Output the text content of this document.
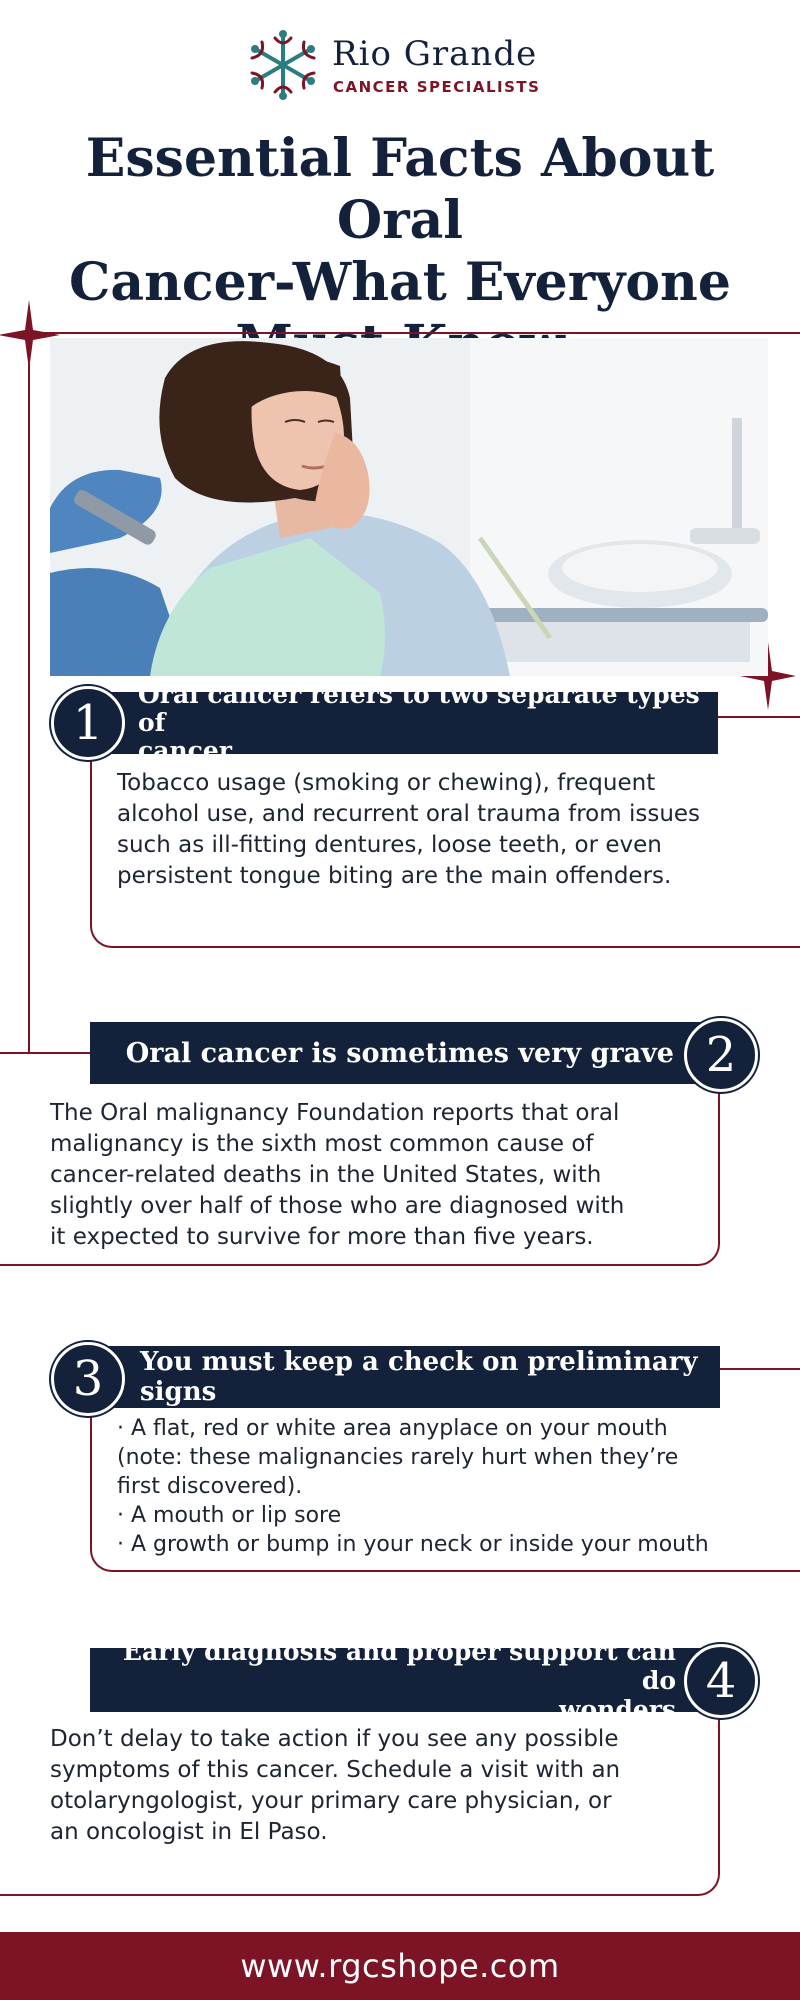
Rio Grande
CANCER SPECIALISTS
Essential Facts About Oral
Cancer-What Everyone
Oral cancer refers to two separate types of
cancer
1

Tobacco usage (smoking or chewing), frequent
alcohol use, and recurrent oral trauma from issues
such as ill-fitting dentures, loose teeth, or even
persistent tongue biting are the main offenders.

Oral cancer is sometimes very grave 2

The Oral malignancy Foundation reports that oral
malignancy is the sixth most common cause of
cancer-related deaths in the United States, with
slightly over half of those who are diagnosed with
it expected to survive for more than five years.

You must keep a check on preliminary signs
3

· A flat, red or white area anyplace on your mouth
(note: these malignancies rarely hurt when they’re
first discovered).
· A mouth or lip sore
· A growth or bump in your neck or inside your mouth

Early diagnosis and proper support can do
wonders 4

Don’t delay to take action if you see any possible
symptoms of this cancer. Schedule a visit with an
otolaryngologist, your primary care physician, or
an oncologist in El Paso.

www.rgcshope.com
